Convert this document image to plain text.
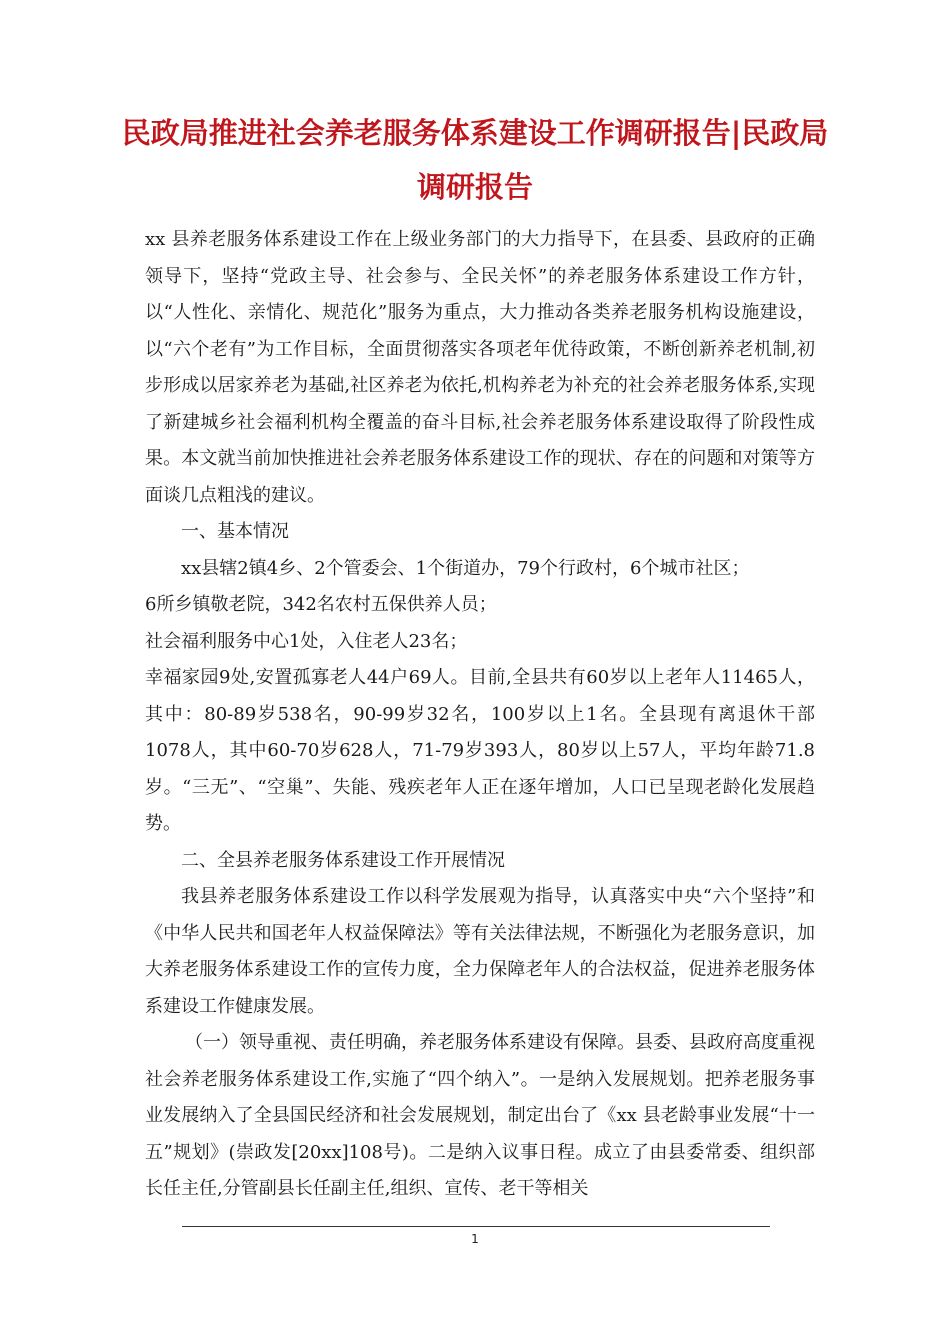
民政局推进社会养老服务体系建设工作调研报告|民政局调研报告

xx 县养老服务体系建设工作在上级业务部门的大力指导下，在县委、县政府的正确领导下，坚持“党政主导、社会参与、全民关怀”的养老服务体系建设工作方针，以“人性化、亲情化、规范化”服务为重点，大力推动各类养老服务机构设施建设，以“六个老有”为工作目标，全面贯彻落实各项老年优待政策，不断创新养老机制,初步形成以居家养老为基础,社区养老为依托,机构养老为补充的社会养老服务体系,实现了新建城乡社会福利机构全覆盖的奋斗目标,社会养老服务体系建设取得了阶段性成果。本文就当前加快推进社会养老服务体系建设工作的现状、存在的问题和对策等方面谈几点粗浅的建议。

一、基本情况

xx县辖2镇4乡、2个管委会、1个街道办，79个行政村，6个城市社区；

6所乡镇敬老院，342名农村五保供养人员；

社会福利服务中心1处，入住老人23名；

幸福家园9处,安置孤寡老人44户69人。目前,全县共有60岁以上老年人11465人，其中：80-89岁538名，90-99岁32名，100岁以上1名。全县现有离退休干部 1078人，其中60-70岁628人，71-79岁393人，80岁以上57人，平均年龄71.8 岁。“三无”、“空巢”、失能、残疾老年人正在逐年增加，人口已呈现老龄化发展趋势。

二、全县养老服务体系建设工作开展情况

我县养老服务体系建设工作以科学发展观为指导，认真落实中央“六个坚持”和《中华人民共和国老年人权益保障法》等有关法律法规，不断强化为老服务意识，加大养老服务体系建设工作的宣传力度，全力保障老年人的合法权益，促进养老服务体系建设工作健康发展。

（一）领导重视、责任明确，养老服务体系建设有保障。县委、县政府高度重视社会养老服务体系建设工作,实施了“四个纳入”。一是纳入发展规划。把养老服务事业发展纳入了全县国民经济和社会发展规划，制定出台了《xx 县老龄事业发展“十一五”规划》(崇政发[20xx]108号)。二是纳入议事日程。成立了由县委常委、组织部长任主任,分管副县长任副主任,组织、宣传、老干等相关

1
